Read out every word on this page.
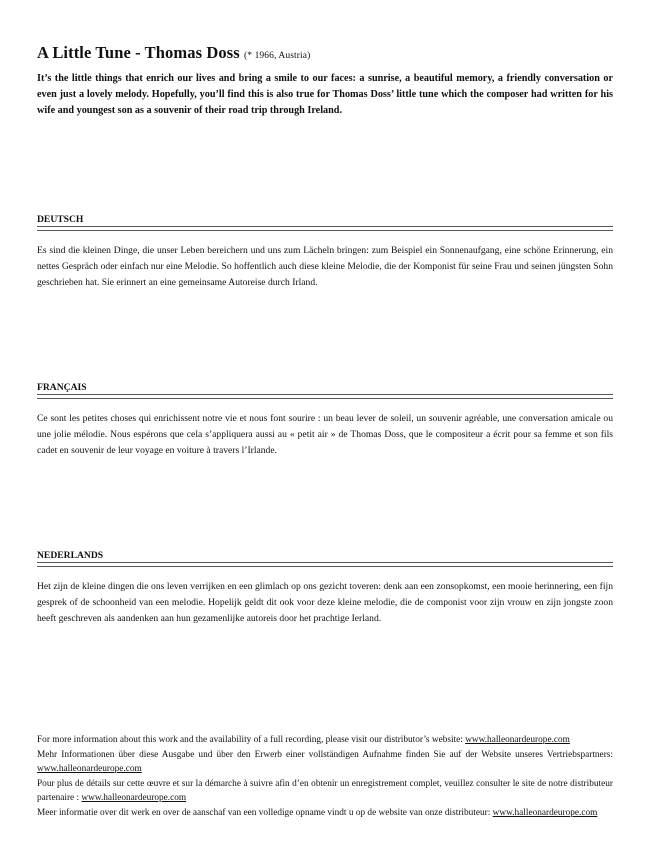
A Little Tune - Thomas Doss (* 1966, Austria)

It’s the little things that enrich our lives and bring a smile to our faces: a sunrise, a beautiful memory, a friendly conversation or even just a lovely melody. Hopefully, you’ll find this is also true for Thomas Doss’ little tune which the composer had written for his wife and youngest son as a souvenir of their road trip through Ireland.

DEUTSCH

Es sind die kleinen Dinge, die unser Leben bereichern und uns zum Lächeln bringen: zum Beispiel ein Sonnenaufgang, eine schöne Erinnerung, ein nettes Gespräch oder einfach nur eine Melodie. So hoffentlich auch diese kleine Melodie, die der Komponist für seine Frau und seinen jüngsten Sohn geschrieben hat. Sie erinnert an eine gemeinsame Autoreise durch Irland.

FRANÇAIS

Ce sont les petites choses qui enrichissent notre vie et nous font sourire : un beau lever de soleil, un souvenir agréable, une conversation amicale ou une jolie mélodie. Nous espérons que cela s’appliquera aussi au « petit air » de Thomas Doss, que le compositeur a écrit pour sa femme et son fils cadet en souvenir de leur voyage en voiture à travers l’Irlande.

NEDERLANDS

Het zijn de kleine dingen die ons leven verrijken en een glimlach op ons gezicht toveren: denk aan een zonsopkomst, een mooie herinnering, een fijn gesprek of de schoonheid van een melodie. Hopelijk geldt dit ook voor deze kleine melodie, die de componist voor zijn vrouw en zijn jongste zoon heeft geschreven als aandenken aan hun gezamenlijke autoreis door het prachtige Ierland.

For more information about this work and the availability of a full recording, please visit our distributor’s website: www.halleonardeurope.com

Mehr Informationen über diese Ausgabe und über den Erwerb einer vollständigen Aufnahme finden Sie auf der Website unseres Vertriebspartners: www.halleonardeurope.com

Pour plus de détails sur cette œuvre et sur la démarche à suivre afin d’en obtenir un enregistrement complet, veuillez consulter le site de notre distributeur partenaire : www.halleonardeurope.com

Meer informatie over dit werk en over de aanschaf van een volledige opname vindt u op de website van onze distributeur: www.halleonardeurope.com
